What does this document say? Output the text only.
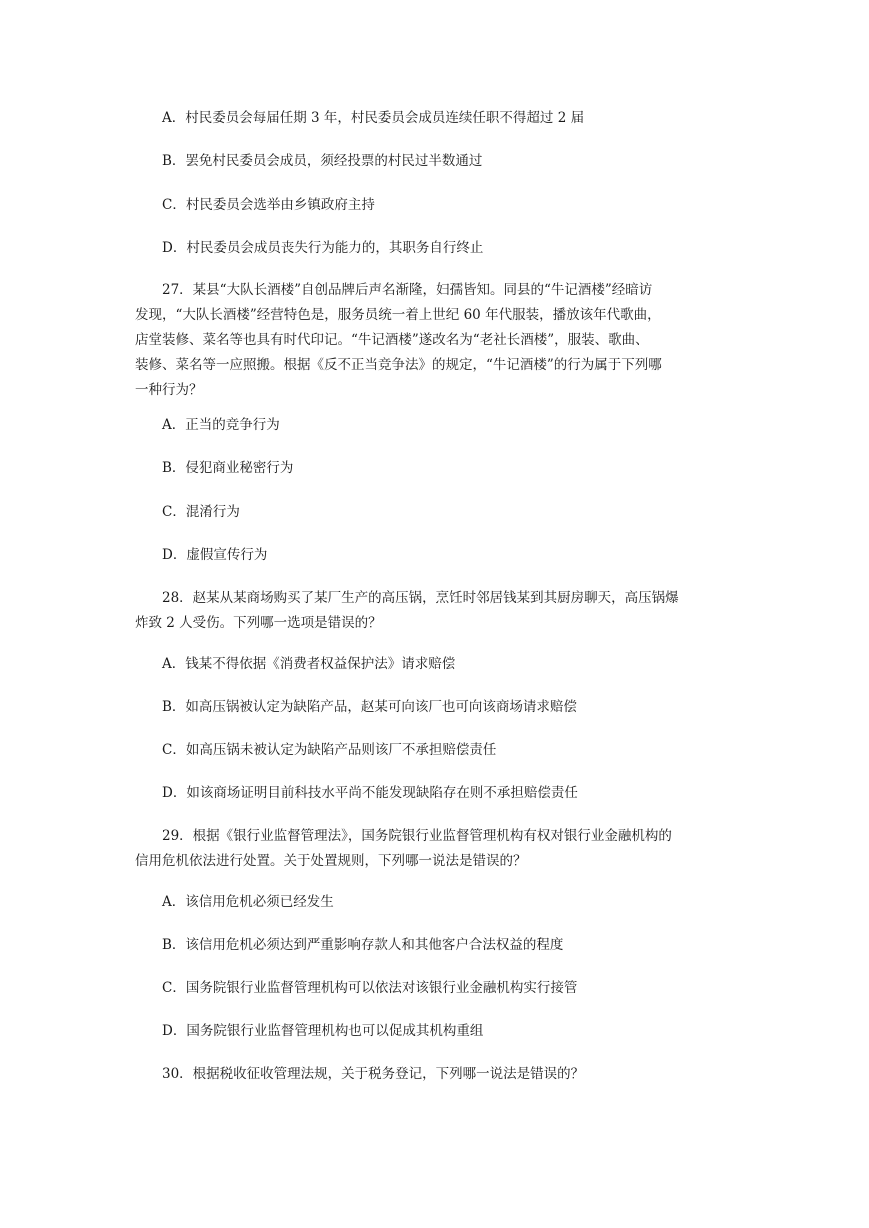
A．村民委员会每届任期 3 年，村民委员会成员连续任职不得超过 2 届

B．罢免村民委员会成员，须经投票的村民过半数通过

C．村民委员会选举由乡镇政府主持

D．村民委员会成员丧失行为能力的，其职务自行终止

27．某县“大队长酒楼”自创品牌后声名渐隆，妇孺皆知。同县的“牛记酒楼”经暗访

发现，“大队长酒楼”经营特色是，服务员统一着上世纪 60 年代服装，播放该年代歌曲，

店堂装修、菜名等也具有时代印记。“牛记酒楼”遂改名为“老社长酒楼”，服装、歌曲、

装修、菜名等一应照搬。根据《反不正当竞争法》的规定，“牛记酒楼”的行为属于下列哪

一种行为？

A．正当的竞争行为

B．侵犯商业秘密行为

C．混淆行为

D．虚假宣传行为

28．赵某从某商场购买了某厂生产的高压锅，烹饪时邻居钱某到其厨房聊天，高压锅爆

炸致 2 人受伤。下列哪一选项是错误的？

A．钱某不得依据《消费者权益保护法》请求赔偿

B．如高压锅被认定为缺陷产品，赵某可向该厂也可向该商场请求赔偿

C．如高压锅未被认定为缺陷产品则该厂不承担赔偿责任

D．如该商场证明目前科技水平尚不能发现缺陷存在则不承担赔偿责任

29．根据《银行业监督管理法》，国务院银行业监督管理机构有权对银行业金融机构的

信用危机依法进行处置。关于处置规则，下列哪一说法是错误的？

A．该信用危机必须已经发生

B．该信用危机必须达到严重影响存款人和其他客户合法权益的程度

C．国务院银行业监督管理机构可以依法对该银行业金融机构实行接管

D．国务院银行业监督管理机构也可以促成其机构重组

30．根据税收征收管理法规，关于税务登记，下列哪一说法是错误的？
